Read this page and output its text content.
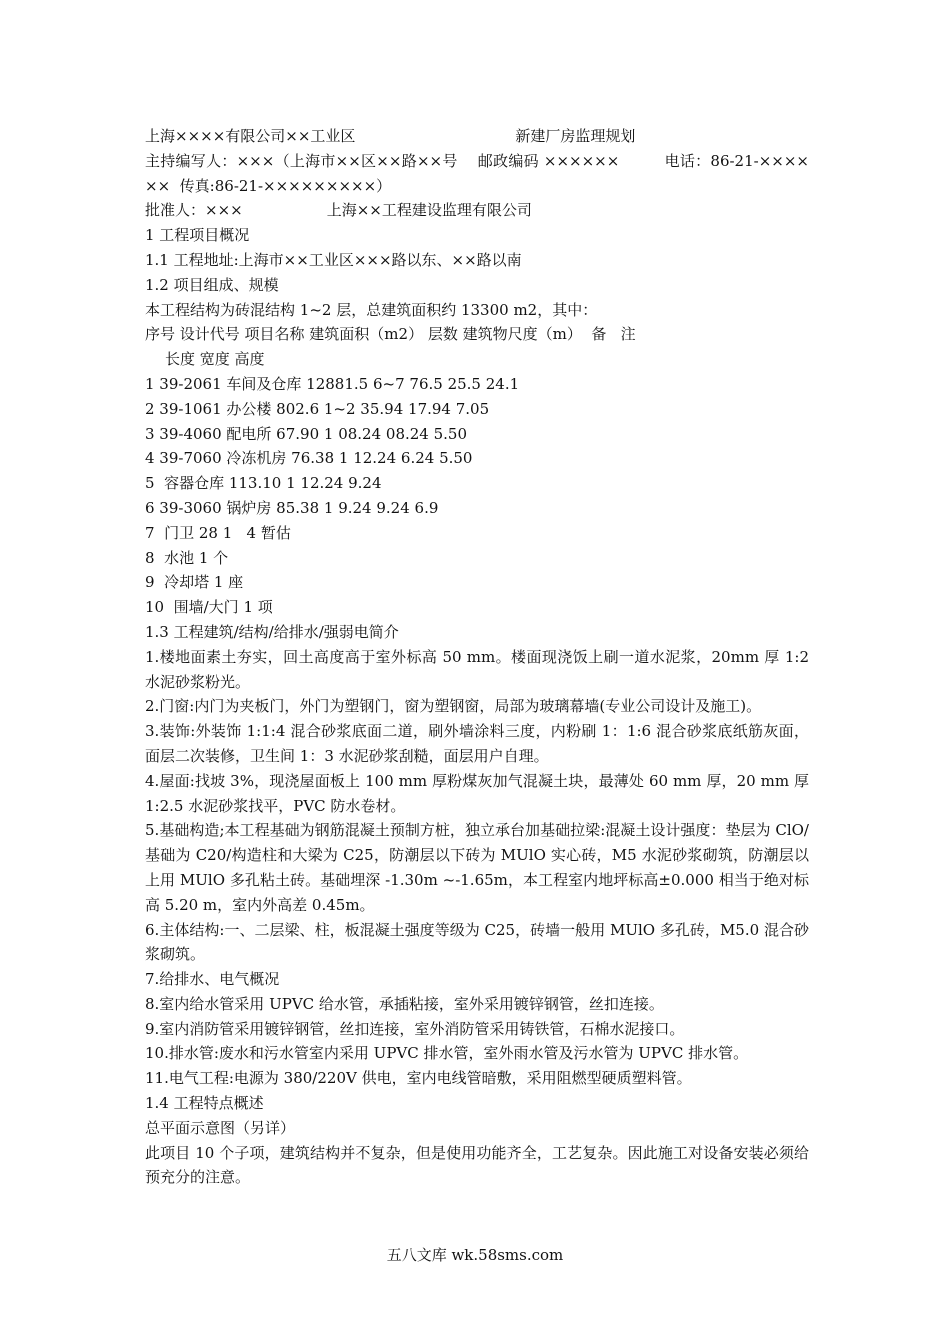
上海××××有限公司××工业区	新建厂房监理规划

主持编写人：×××（上海市××区××路××号    邮政编码 ××××××         电话：86-21-××××××  传真:86-21-×××××××××）

批准人：×××	上海××工程建设监理有限公司

1 工程项目概况

1.1 工程地址:上海市××工业区×××路以东、××路以南

1.2 项目组成、规模

本工程结构为砖混结构 1~2 层，总建筑面积约 13300 m2，其中：

序号 设计代号 项目名称 建筑面积（m2） 层数 建筑物尺度（m）  备   注

长度 宽度 高度

1 39-2061 车间及仓库 12881.5 6~7 76.5 25.5 24.1

2 39-1061 办公楼 802.6 1~2 35.94 17.94 7.05

3 39-4060 配电所 67.90 1 08.24 08.24 5.50

4 39-7060 冷冻机房 76.38 1 12.24 6.24 5.50

5  容器仓库 113.10 1 12.24 9.24

6 39-3060 锅炉房 85.38 1 9.24 9.24 6.9

7  门卫 28 1   4 暂估

8  水池 1 个

9  冷却塔 1 座

10  围墙/大门 1 项

1.3 工程建筑/结构/给排水/强弱电简介

1.楼地面素土夯实，回土高度高于室外标高 50 mm。楼面现浇饭上刷一道水泥浆，20mm 厚 1:2 水泥砂浆粉光。

2.门窗:内门为夹板门，外门为塑钢门，窗为塑钢窗，局部为玻璃幕墙(专业公司设计及施工)。

3.装饰:外装饰 1:1:4 混合砂浆底面二道，刷外墙涂料三度，内粉刷 1：1:6 混合砂浆底纸筋灰面，面层二次装修，卫生间 1：3 水泥砂浆刮糙，面层用户自理。

4.屋面:找坡 3%，现浇屋面板上 100 mm 厚粉煤灰加气混凝土块，最薄处 60 mm 厚，20 mm 厚 1:2.5 水泥砂浆找平，PVC 防水卷材。

5.基础构造;本工程基础为钢筋混凝土预制方桩，独立承台加基础拉梁:混凝土设计强度：垫层为 ClO/基础为 C20/构造柱和大梁为 C25，防潮层以下砖为 MUlO 实心砖，M5 水泥砂浆砌筑，防潮层以上用 MUlO 多孔粘土砖。基础埋深 -1.30m ~-1.65m，本工程室内地坪标高±0.000 相当于绝对标高 5.20 m，室内外高差 0.45m。

6.主体结构:一、二层梁、柱，板混凝土强度等级为 C25，砖墙一般用 MUlO 多孔砖，M5.0 混合砂浆砌筑。

7.给排水、电气概况

8.室内给水管采用 UPVC 给水管，承插粘接，室外采用镀锌钢管，丝扣连接。

9.室内消防管采用镀锌钢管，丝扣连接，室外消防管采用铸铁管，石棉水泥接口。

10.排水管:废水和污水管室内采用 UPVC 排水管，室外雨水管及污水管为 UPVC 排水管。

11.电气工程:电源为 380/220V 供电，室内电线管暗敷，采用阻燃型硬质塑料管。

1.4 工程特点概述

总平面示意图（另详）

此项目 10 个子项，建筑结构并不复杂，但是使用功能齐全，工艺复杂。因此施工对设备安装必须给预充分的注意。

五八文库 wk.58sms.com
